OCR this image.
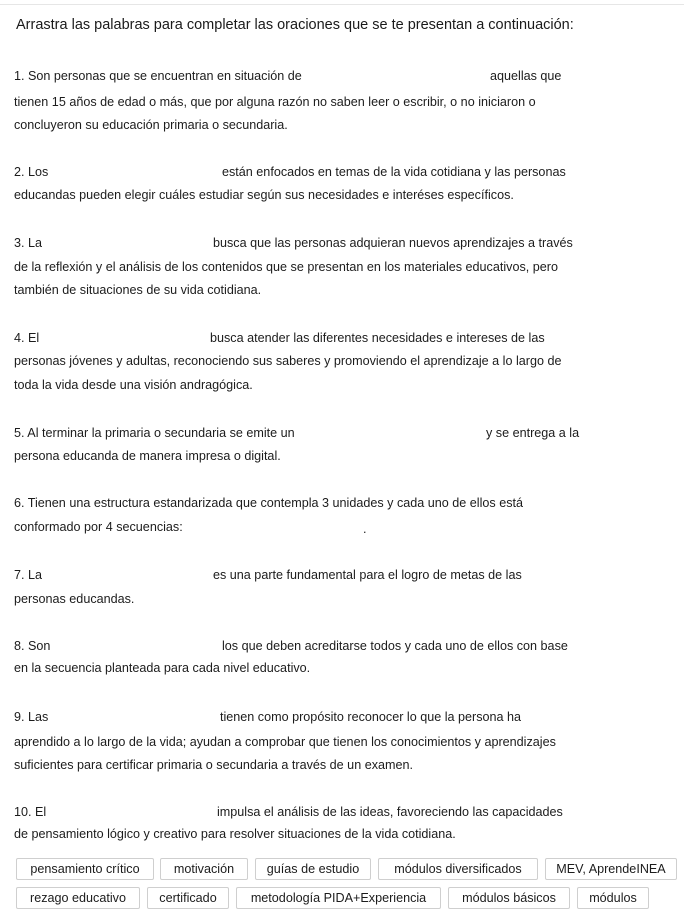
Arrastra las palabras para completar las oraciones que se te presentan a continuación:
1. Son personas que se encuentran en situación de	aquellas que
tienen 15 años de edad o más, que por alguna razón no saben leer o escribir, o no iniciaron o
concluyeron su educación primaria o secundaria.
2. Los	están enfocados en temas de la vida cotidiana y las personas
educandas pueden elegir cuáles estudiar según sus necesidades e interéses específicos.
3. La	busca que las personas adquieran nuevos aprendizajes a través
de la reflexión y el análisis de los contenidos que se presentan en los materiales educativos, pero
también de situaciones de su vida cotidiana.
4. El	busca atender las diferentes necesidades e intereses de las
personas jóvenes y adultas, reconociendo sus saberes y promoviendo el aprendizaje a lo largo de
toda la vida desde una visión andragógica.
5. Al terminar la primaria o secundaria se emite un	y se entrega a la
persona educanda de manera impresa o digital.
6. Tienen una estructura estandarizada que contempla 3 unidades y cada uno de ellos está
conformado por 4 secuencias:	.
7. La	es una parte fundamental para el logro de metas de las
personas educandas.
8. Son	los que deben acreditarse todos y cada uno de ellos con base
en la secuencia planteada para cada nivel educativo.
9. Las	tienen como propósito reconocer lo que la persona ha
aprendido a lo largo de la vida; ayudan a comprobar que tienen los conocimientos y aprendizajes
suficientes para certificar primaria o secundaria a través de un examen.
10. El	impulsa el análisis de las ideas, favoreciendo las capacidades
de pensamiento lógico y creativo para resolver situaciones de la vida cotidiana.
pensamiento crítico	motivación	guías de estudio	módulos diversificados	MEV, AprendeINEA
rezago educativo	certificado	metodología PIDA+Experiencia	módulos básicos	módulos
